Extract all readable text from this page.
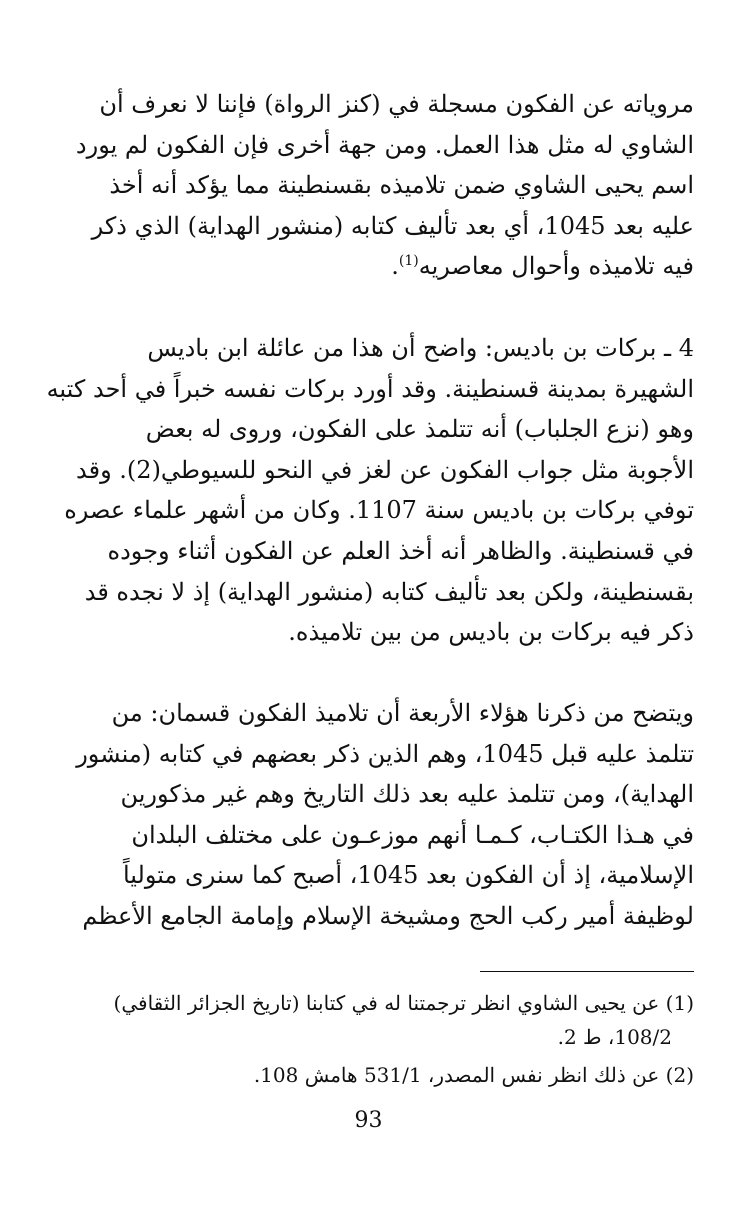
مروياته عن الفكون مسجلة في (كنز الرواة) فإننا لا نعرف أن
الشاوي له مثل هذا العمل. ومن جهة أخرى فإن الفكون لم يورد
اسم يحيى الشاوي ضمن تلاميذه بقسنطينة مما يؤكد أنه أخذ
عليه بعد 1045، أي بعد تأليف كتابه (منشور الهداية) الذي ذكر
فيه تلاميذه وأحوال معاصريه$^{(1)}$.
4 ـ بركات بن باديس: واضح أن هذا من عائلة ابن باديس
الشهيرة بمدينة قسنطينة. وقد أورد بركات نفسه خبراً في أحد كتبه
وهو (نزع الجلباب) أنه تتلمذ على الفكون، وروى له بعض
الأجوبة مثل جواب الفكون عن لغز في النحو للسيوطي(2). وقد
توفي بركات بن باديس سنة 1107. وكان من أشهر علماء عصره
في قسنطينة. والظاهر أنه أخذ العلم عن الفكون أثناء وجوده
بقسنطينة، ولكن بعد تأليف كتابه (منشور الهداية) إذ لا نجده قد
ذكر فيه بركات بن باديس من بين تلاميذه.
ويتضح من ذكرنا هؤلاء الأربعة أن تلاميذ الفكون قسمان: من
تتلمذ عليه قبل 1045، وهم الذين ذكر بعضهم في كتابه (منشور
الهداية)، ومن تتلمذ عليه بعد ذلك التاريخ وهم غير مذكورين
في هـذا الكتـاب، كـمـا أنهم موزعـون على مختلف البلدان
الإسلامية، إذ أن الفكون بعد 1045، أصبح كما سنرى متولياً
لوظيفة أمير ركب الحج ومشيخة الإسلام وإمامة الجامع الأعظم

(1) عن يحيى الشاوي انظر ترجمتنا له في كتابنا (تاريخ الجزائر الثقافي)
108/2، ط 2.

(2) عن ذلك انظر نفس المصدر، 531/1 هامش 108.

93
